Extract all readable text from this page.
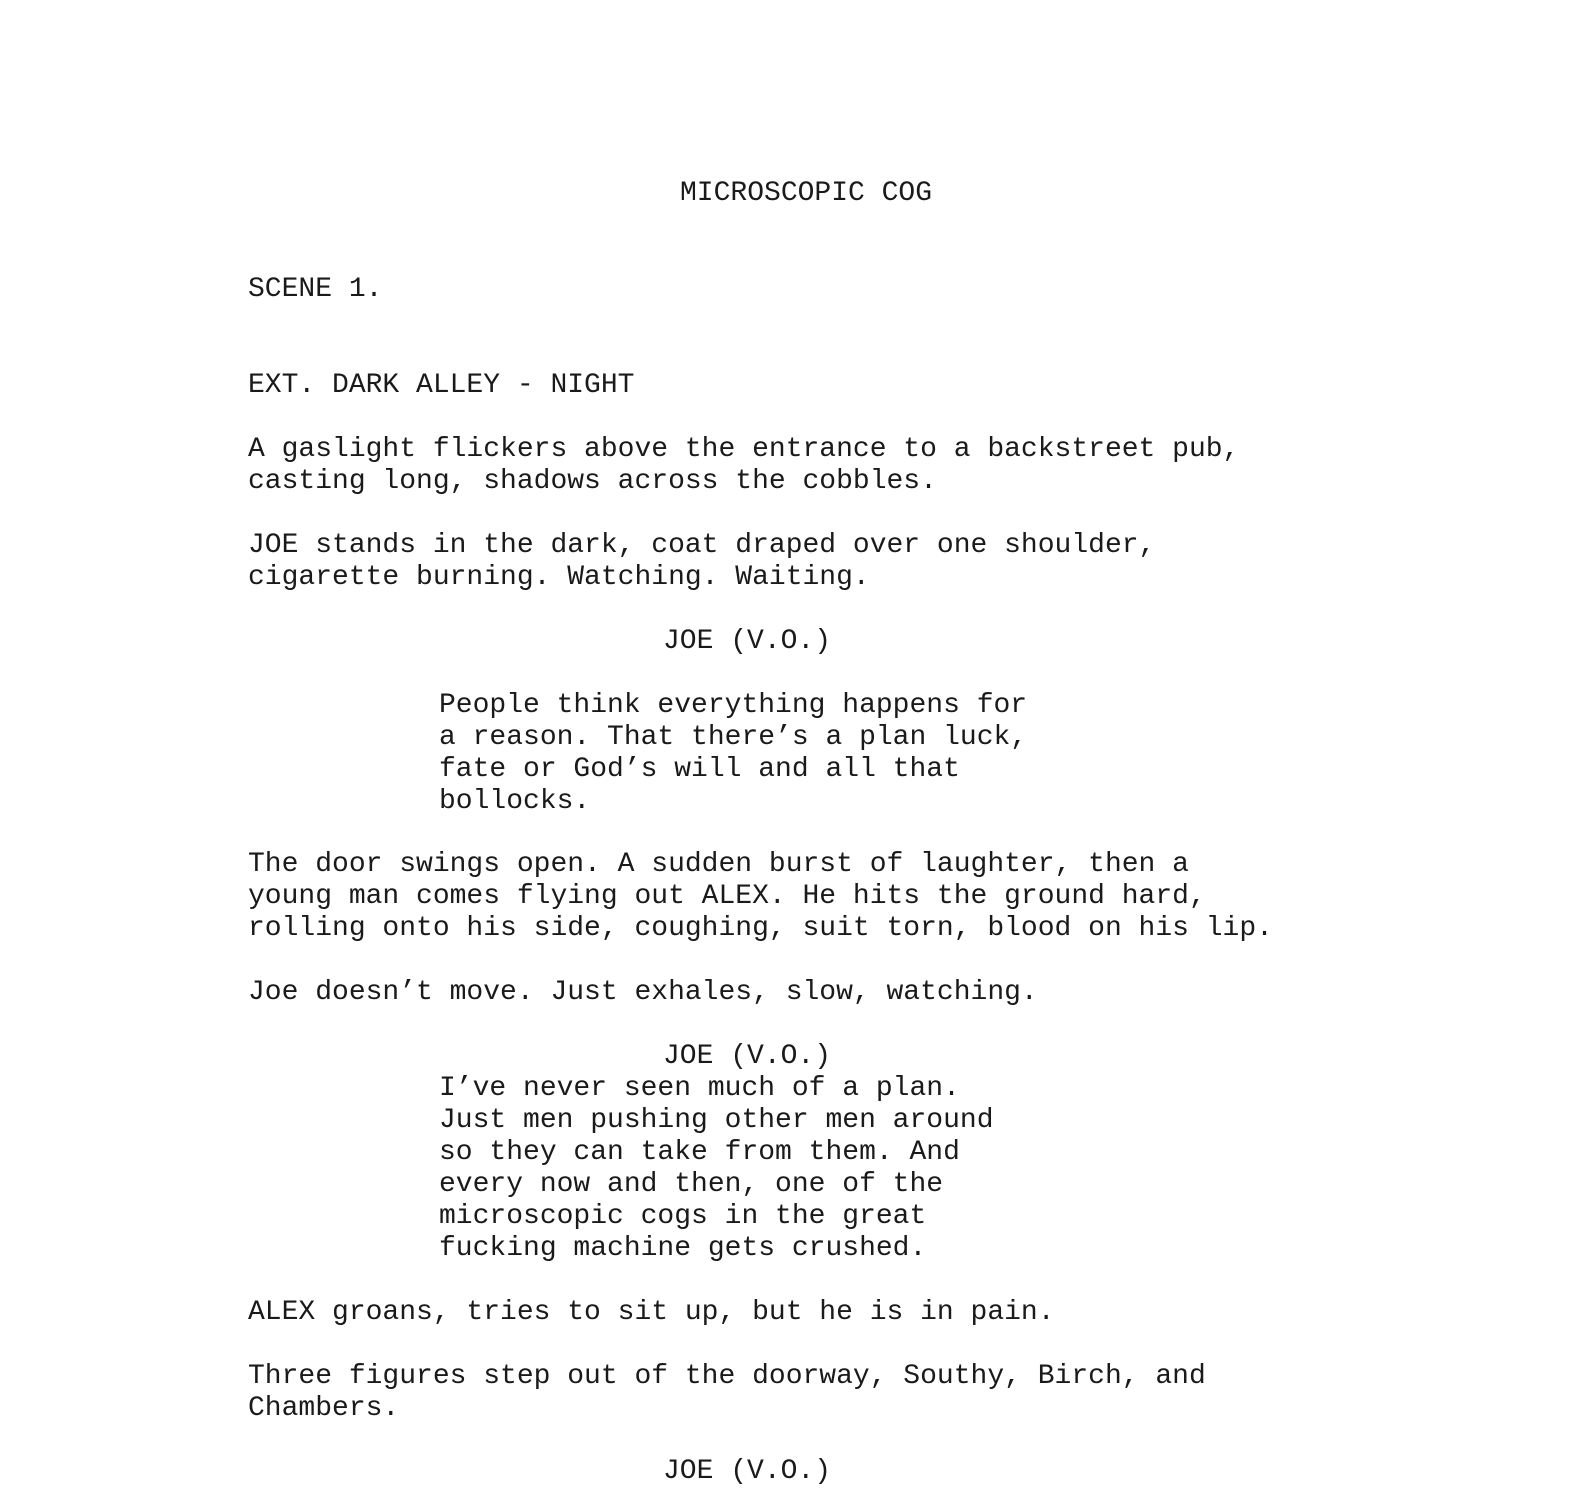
MICROSCOPIC COG
SCENE 1.
EXT. DARK ALLEY - NIGHT
A gaslight flickers above the entrance to a backstreet pub,
casting long, shadows across the cobbles.
JOE stands in the dark, coat draped over one shoulder,
cigarette burning. Watching. Waiting.
JOE (V.O.)
People think everything happens for
a reason. That there’s a plan luck,
fate or God’s will and all that
bollocks.
The door swings open. A sudden burst of laughter, then a
young man comes flying out ALEX. He hits the ground hard,
rolling onto his side, coughing, suit torn, blood on his lip.
Joe doesn’t move. Just exhales, slow, watching.
JOE (V.O.)
I’ve never seen much of a plan.
Just men pushing other men around
so they can take from them. And
every now and then, one of the
microscopic cogs in the great
fucking machine gets crushed.
ALEX groans, tries to sit up, but he is in pain.
Three figures step out of the doorway, Southy, Birch, and
Chambers.
JOE (V.O.)
